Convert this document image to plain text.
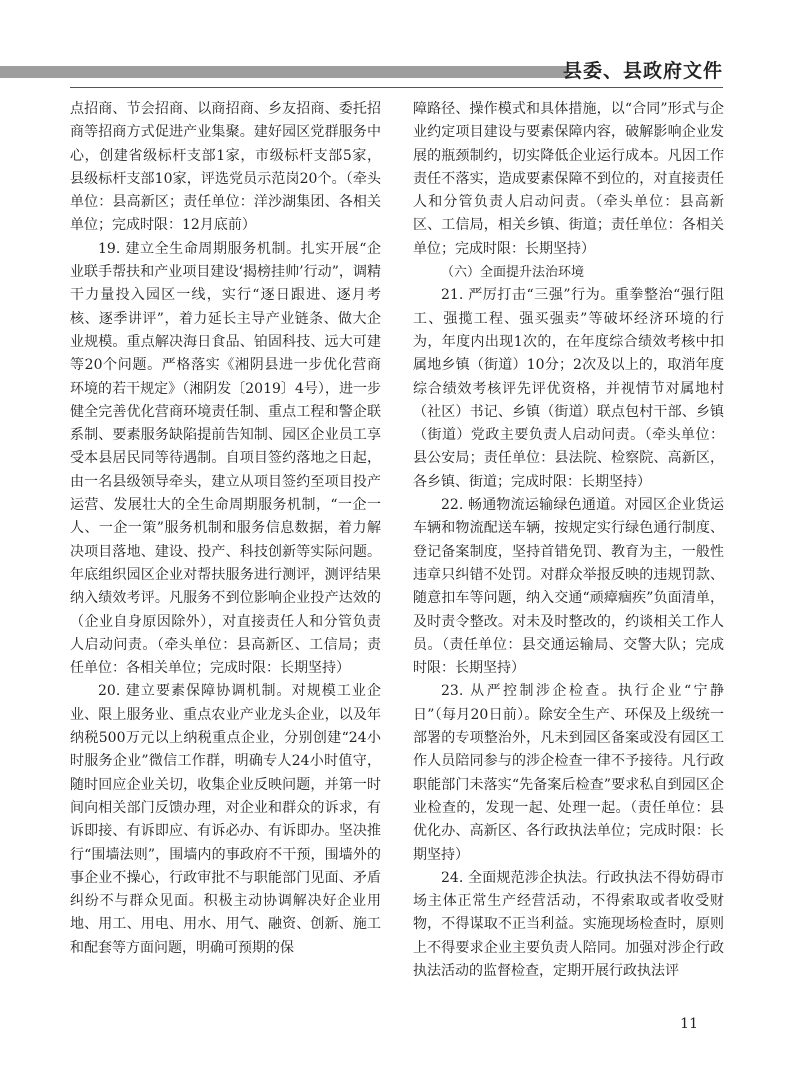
县委、县政府文件

点招商、节会招商、以商招商、乡友招商、委托招商等招商方式促进产业集聚。建好园区党群服务中心，创建省级标杆支部1家，市级标杆支部5家，县级标杆支部10家，评选党员示范岗20个。（牵头单位：县高新区；责任单位：洋沙湖集团、各相关单位；完成时限：12月底前）

19. 建立全生命周期服务机制。扎实开展“企业联手帮扶和产业项目建设‘揭榜挂帅’行动”，调精干力量投入园区一线，实行“逐日跟进、逐月考核、逐季讲评”，着力延长主导产业链条、做大企业规模。重点解决海日食品、铂固科技、远大可建等20个问题。严格落实《湘阴县进一步优化营商环境的若干规定》（湘阴发〔2019〕4号），进一步健全完善优化营商环境责任制、重点工程和警企联系制、要素服务缺陷提前告知制、园区企业员工享受本县居民同等待遇制。自项目签约落地之日起，由一名县级领导牵头，建立从项目签约至项目投产运营、发展壮大的全生命周期服务机制，“一企一人、一企一策”服务机制和服务信息数据，着力解决项目落地、建设、投产、科技创新等实际问题。年底组织园区企业对帮扶服务进行测评，测评结果纳入绩效考评。凡服务不到位影响企业投产达效的（企业自身原因除外），对直接责任人和分管负责人启动问责。（牵头单位：县高新区、工信局；责任单位：各相关单位；完成时限：长期坚持）

20. 建立要素保障协调机制。对规模工业企业、限上服务业、重点农业产业龙头企业，以及年纳税500万元以上纳税重点企业，分别创建“24小时服务企业”微信工作群，明确专人24小时值守，随时回应企业关切，收集企业反映问题，并第一时间向相关部门反馈办理，对企业和群众的诉求，有诉即接、有诉即应、有诉必办、有诉即办。坚决推行“围墙法则”，围墙内的事政府不干预，围墙外的事企业不操心，行政审批不与职能部门见面、矛盾纠纷不与群众见面。积极主动协调解决好企业用地、用工、用电、用水、用气、融资、创新、施工和配套等方面问题，明确可预期的保

障路径、操作模式和具体措施，以“合同”形式与企业约定项目建设与要素保障内容，破解影响企业发展的瓶颈制约，切实降低企业运行成本。凡因工作责任不落实，造成要素保障不到位的，对直接责任人和分管负责人启动问责。（牵头单位：县高新区、工信局，相关乡镇、街道；责任单位：各相关单位；完成时限：长期坚持）

（六）全面提升法治环境

21. 严厉打击“三强”行为。重拳整治“强行阻工、强揽工程、强买强卖”等破坏经济环境的行为，年度内出现1次的，在年度综合绩效考核中扣属地乡镇（街道）10分；2次及以上的，取消年度综合绩效考核评先评优资格，并视情节对属地村（社区）书记、乡镇（街道）联点包村干部、乡镇（街道）党政主要负责人启动问责。（牵头单位：县公安局；责任单位：县法院、检察院、高新区，各乡镇、街道；完成时限：长期坚持）

22. 畅通物流运输绿色通道。对园区企业货运车辆和物流配送车辆，按规定实行绿色通行制度、登记备案制度，坚持首错免罚、教育为主，一般性违章只纠错不处罚。对群众举报反映的违规罚款、随意扣车等问题，纳入交通“顽瘴痼疾”负面清单，及时责令整改。对未及时整改的，约谈相关工作人员。（责任单位：县交通运输局、交警大队；完成时限：长期坚持）

23. 从严控制涉企检查。执行企业“宁静日”（每月20日前）。除安全生产、环保及上级统一部署的专项整治外，凡未到园区备案或没有园区工作人员陪同参与的涉企检查一律不予接待。凡行政职能部门未落实“先备案后检查”要求私自到园区企业检查的，发现一起、处理一起。（责任单位：县优化办、高新区、各行政执法单位；完成时限：长期坚持）

24. 全面规范涉企执法。行政执法不得妨碍市场主体正常生产经营活动，不得索取或者收受财物，不得谋取不正当利益。实施现场检查时，原则上不得要求企业主要负责人陪同。加强对涉企行政执法活动的监督检查，定期开展行政执法评

11
